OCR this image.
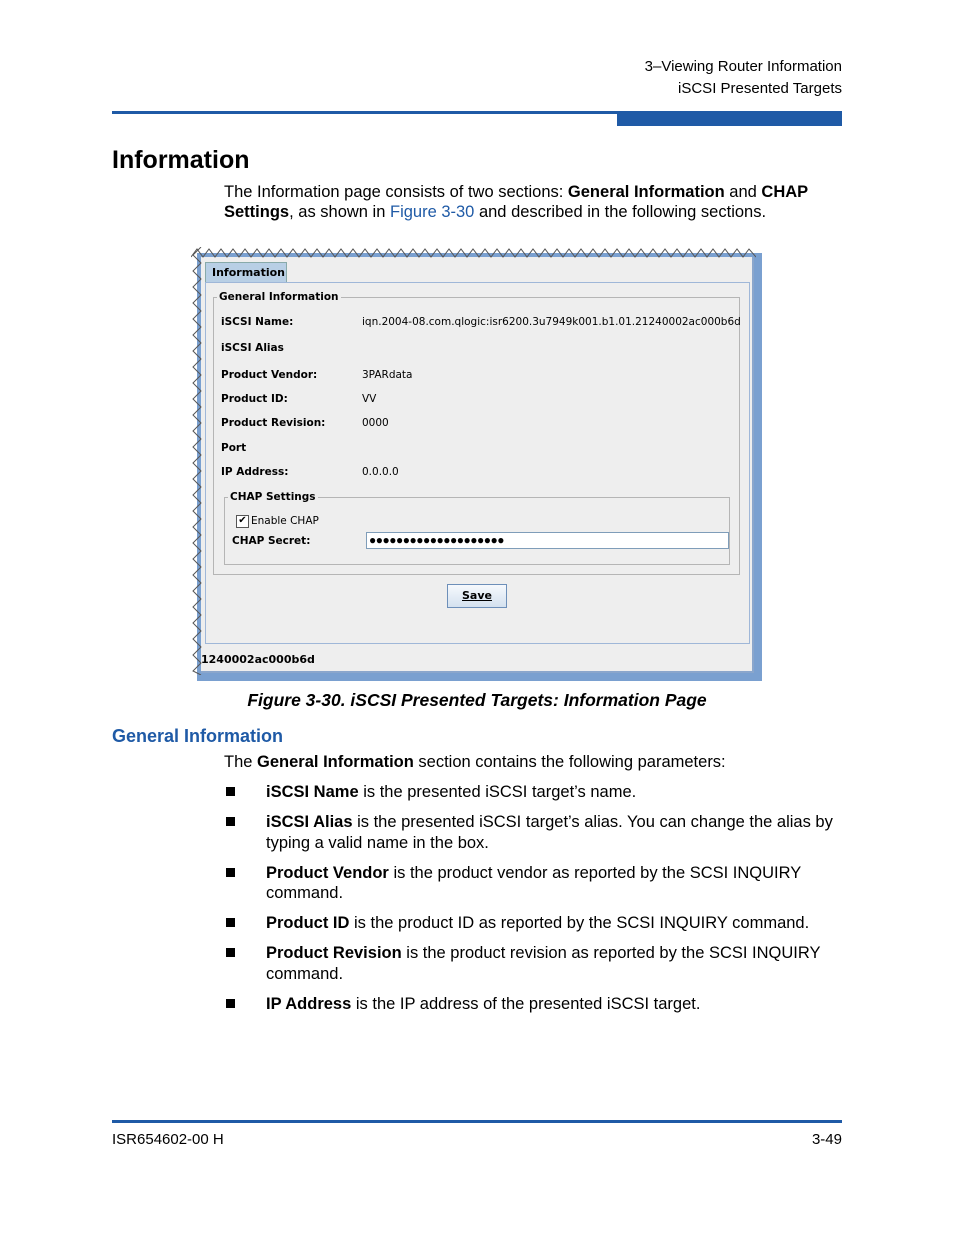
3–Viewing Router Information
iSCSI Presented Targets
Information

The Information page consists of two sections: General Information and CHAP Settings, as shown in Figure 3-30 and described in the following sections.

Information
General Information
iSCSI Name:	iqn.2004-08.com.qlogic:isr6200.3u7949k001.b1.01.21240002ac000b6d
iSCSI Alias
Product Vendor:	3PARdata
Product ID:	VV
Product Revision:	0000
Port
IP Address:	0.0.0.0
CHAP Settings
✔ Enable CHAP
CHAP Secret:	●●●●●●●●●●●●●●●●●●●●
Save
1240002ac000b6d

Figure 3-30. iSCSI Presented Targets: Information Page

General Information

The General Information section contains the following parameters:

iSCSI Name is the presented iSCSI target’s name.
iSCSI Alias is the presented iSCSI target’s alias. You can change the alias by typing a valid name in the box.
Product Vendor is the product vendor as reported by the SCSI INQUIRY command.
Product ID is the product ID as reported by the SCSI INQUIRY command.
Product Revision is the product revision as reported by the SCSI INQUIRY command.
IP Address is the IP address of the presented iSCSI target.
ISR654602-00 H	3-49
